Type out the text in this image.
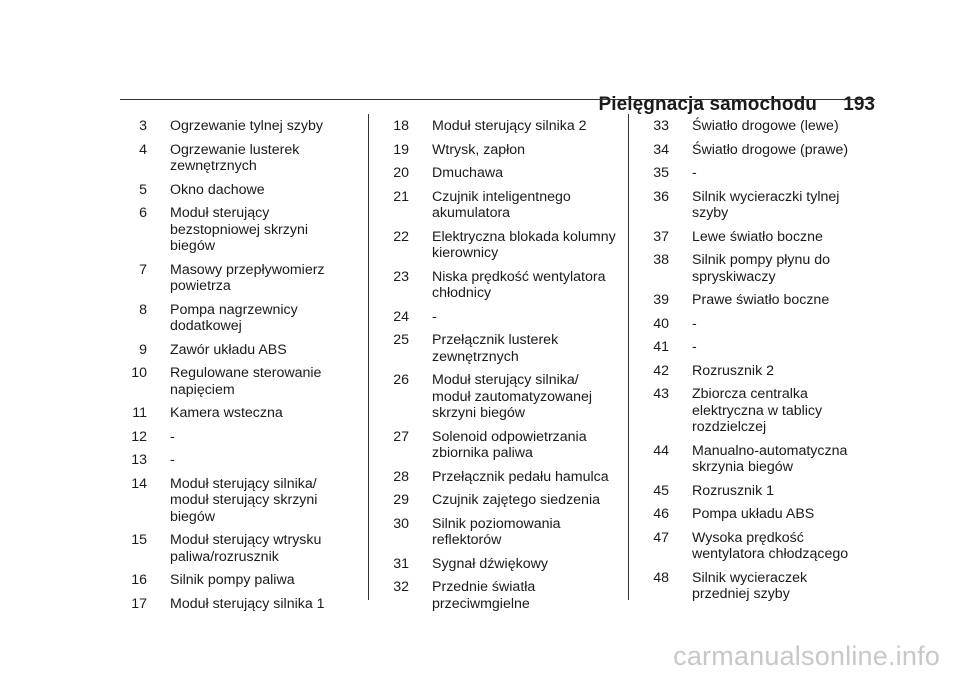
Pielęgnacja samochodu 193
3 Ogrzewanie tylnej szyby
4 Ogrzewanie lusterek zewnętrznych
5 Okno dachowe
6 Moduł sterujący bezstopniowej skrzyni biegów
7 Masowy przepływomierz powietrza
8 Pompa nagrzewnicy dodatkowej
9 Zawór układu ABS
10 Regulowane sterowanie napięciem
11 Kamera wsteczna
12 -
13 -
14 Moduł sterujący silnika/ moduł sterujący skrzyni biegów
15 Moduł sterujący wtrysku paliwa/rozrusznik
16 Silnik pompy paliwa
17 Moduł sterujący silnika 1
18 Moduł sterujący silnika 2
19 Wtrysk, zapłon
20 Dmuchawa
21 Czujnik inteligentnego akumulatora
22 Elektryczna blokada kolumny kierownicy
23 Niska prędkość wentylatora chłodnicy
24 -
25 Przełącznik lusterek zewnętrznych
26 Moduł sterujący silnika/ moduł zautomatyzowanej skrzyni biegów
27 Solenoid odpowietrzania zbiornika paliwa
28 Przełącznik pedału hamulca
29 Czujnik zajętego siedzenia
30 Silnik poziomowania reflektorów
31 Sygnał dźwiękowy
32 Przednie światła przeciwmgielne
33 Światło drogowe (lewe)
34 Światło drogowe (prawe)
35 -
36 Silnik wycieraczki tylnej szyby
37 Lewe światło boczne
38 Silnik pompy płynu do spryskiwaczy
39 Prawe światło boczne
40 -
41 -
42 Rozrusznik 2
43 Zbiorcza centralka elektryczna w tablicy rozdzielczej
44 Manualno-automatyczna skrzynia biegów
45 Rozrusznik 1
46 Pompa układu ABS
47 Wysoka prędkość wentylatora chłodzącego
48 Silnik wycieraczek przedniej szyby
carmanualsonline.info
